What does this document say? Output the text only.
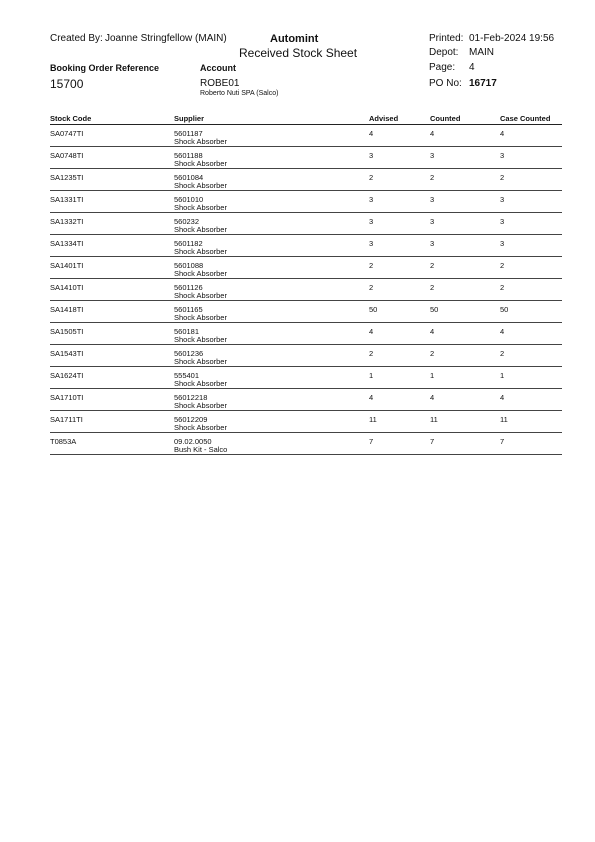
Created By: Joanne Stringfellow (MAIN)	Automint
Received Stock Sheet
Printed: 01-Feb-2024 19:56
Depot: MAIN
Page: 4
PO No: 16717
Booking Order Reference
15700
Account
ROBE01
Roberto Nuti SPA (Salco)
Stock Code	Supplier	Advised	Counted	Case Counted
SA0747TI	5601187
Shock Absorber
4	4	4
SA0748TI	5601188
Shock Absorber
3	3	3
SA1235TI	5601084
Shock Absorber
2	2	2
SA1331TI	5601010
Shock Absorber
3	3	3
SA1332TI	560232
Shock Absorber
3	3	3
SA1334TI	5601182
Shock Absorber
3	3	3
SA1401TI	5601088
Shock Absorber
2	2	2
SA1410TI	5601126
Shock Absorber
2	2	2
SA1418TI	5601165
Shock Absorber
50	50	50
SA1505TI	560181
Shock Absorber
4	4	4
SA1543TI	5601236
Shock Absorber
2	2	2
SA1624TI	555401
Shock Absorber
1	1	1
SA1710TI	56012218
Shock Absorber
4	4	4
SA1711TI	56012209
Shock Absorber
11	11	11
T0853A	09.02.0050
Bush Kit - Salco
7	7	7
